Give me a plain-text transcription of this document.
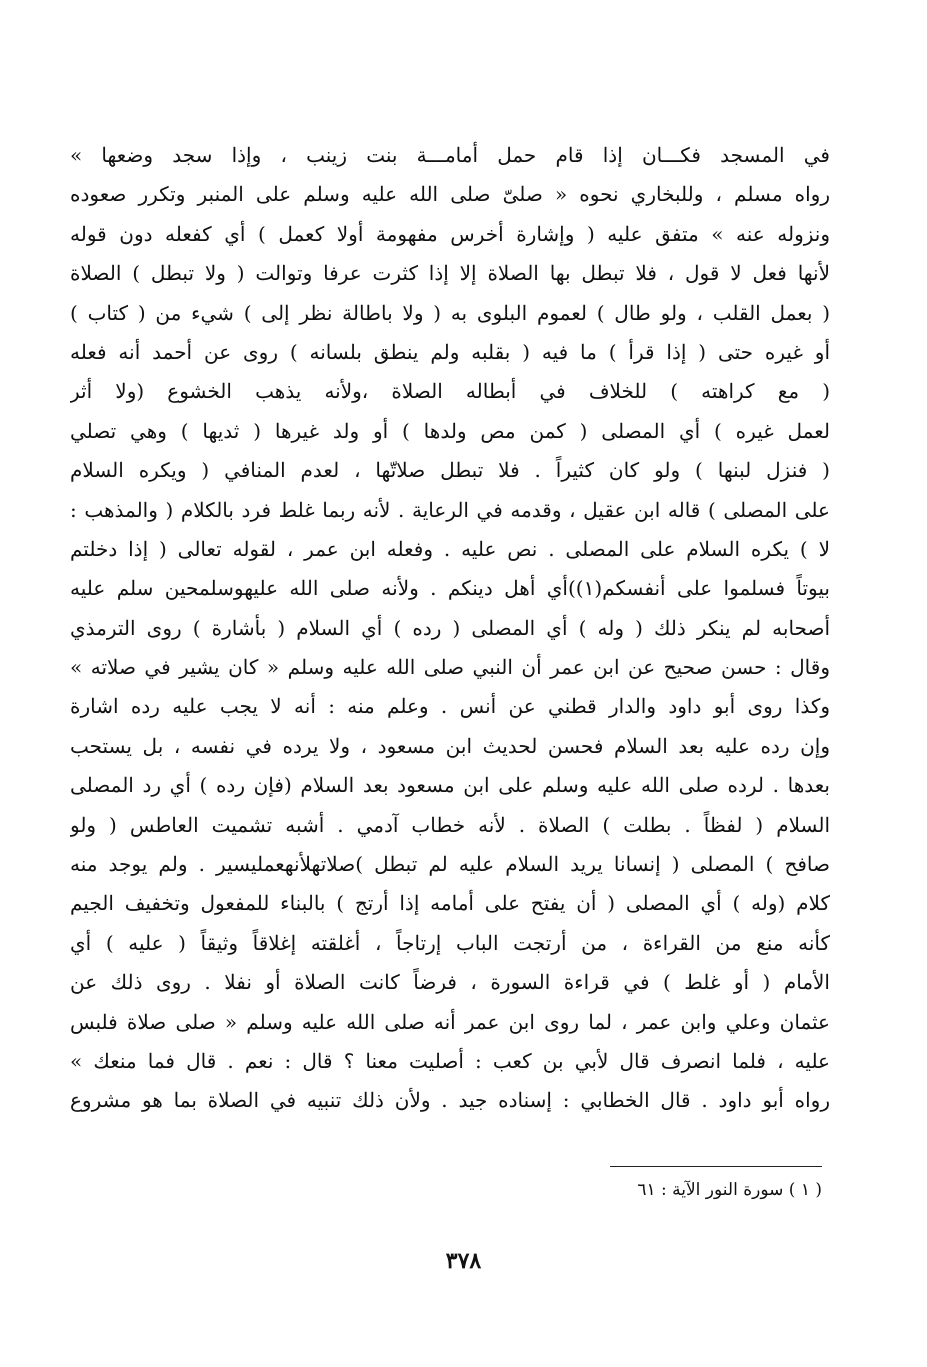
في المسجد فكـــان إذا قام حمل أمامـــة بنت زينب ، وإذا سجد وضعها »
رواه مسلم ، وللبخاري نحوه « صلىّ صلى الله عليه وسلم على المنبر وتكرر صعوده
ونزوله عنه » متفق عليه ( وإشارة أخرس مفهومة أولا كعمل ) أي كفعله دون قوله
لأنها فعل لا قول ، فلا تبطل بها الصلاة إلا إذا كثرت عرفا وتوالت ( ولا تبطل ) الصلاة
( بعمل القلب ، ولو طال ) لعموم البلوى به ( ولا باطالة نظر إلى ) شيء من ( كتاب )
أو غيره حتى ( إذا قرأ ) ما فيه ( بقلبه ولم ينطق بلسانه ) روى عن أحمد أنه فعله
( مع كراهته ) للخلاف في أبطاله الصلاة ،ولأنه يذهب الخشوع (ولا أثر
لعمل غيره ) أي المصلى ( كمن مص ولدها ) أو ولد غيرها ( ثديها ) وهي تصلي
( فنزل لبنها ) ولو كان كثيراً . فلا تبطل صلاتّها ، لعدم المنافي ( ويكره السلام
على المصلى ) قاله ابن عقيل ، وقدمه في الرعاية . لأنه ربما غلط فرد بالكلام ( والمذهب :
لا ) يكره السلام على المصلى . نص عليه . وفعله ابن عمر ، لقوله تعالى ( إذا دخلتم
بيوتاً فسلموا على أنفسكم(١))أي أهل دينكم . ولأنه صلى الله عليهوسلمحين سلم عليه
أصحابه لم ينكر ذلك ( وله ) أي المصلى ( رده ) أي السلام ( بأشارة ) روى الترمذي
وقال : حسن صحيح عن ابن عمر أن النبي صلى الله عليه وسلم « كان يشير في صلاته »
وكذا روى أبو داود والدار قطني عن أنس . وعلم منه : أنه لا يجب عليه رده اشارة
وإن رده عليه بعد السلام فحسن لحديث ابن مسعود ، ولا يرده في نفسه ، بل يستحب
بعدها . لرده صلى الله عليه وسلم على ابن مسعود بعد السلام (فإن رده ) أي رد المصلى
السلام ( لفظاً . بطلت ) الصلاة . لأنه خطاب آدمي . أشبه تشميت العاطس ( ولو
صافح ) المصلى ( إنسانا يريد السلام عليه لم تبطل )صلاتهلأنهعمليسير . ولم يوجد منه
كلام (وله ) أي المصلى ( أن يفتح على أمامه إذا أرتج ) بالبناء للمفعول وتخفيف الجيم
كأنه منع من القراءة ، من أرتجت الباب إرتاجاً ، أغلقته إغلاقاً وثيقاً ( عليه ) أي
الأمام ( أو غلط ) في قراءة السورة ، فرضاً كانت الصلاة أو نفلا . روى ذلك عن
عثمان وعلي وابن عمر ، لما روى ابن عمر أنه صلى الله عليه وسلم « صلى صلاة فلبس
عليه ، فلما انصرف قال لأبي بن كعب : أصليت معنا ؟ قال : نعم . قال فما منعك »
رواه أبو داود . قال الخطابي : إسناده جيد . ولأن ذلك تنبيه في الصلاة بما هو مشروع
( ١ ) سورة النور الآية : ٦١
٣٧٨
